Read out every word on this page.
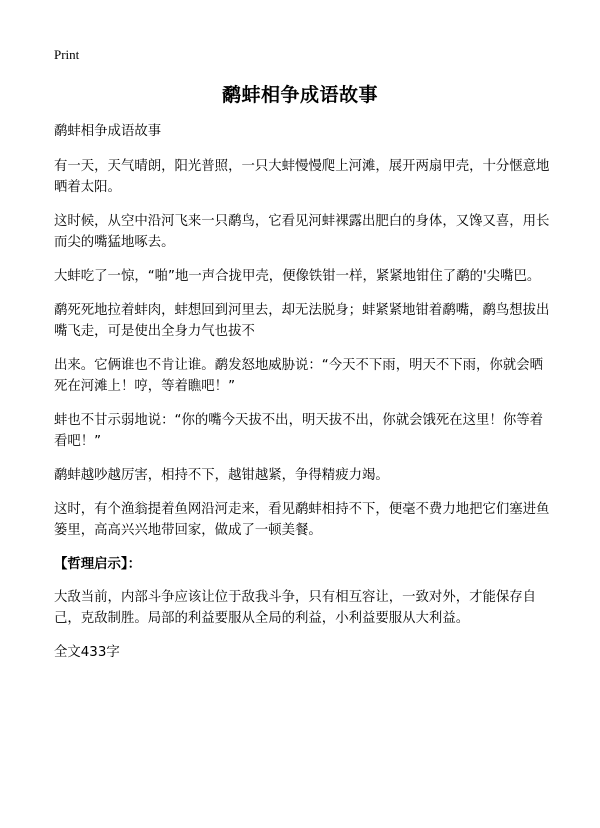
Print
鹬蚌相争成语故事

鹬蚌相争成语故事

有一天，天气晴朗，阳光普照，一只大蚌慢慢爬上河滩，展开两扇甲壳，十分惬意地晒着太阳。

这时候，从空中沿河飞来一只鹬鸟，它看见河蚌裸露出肥白的身体，又馋又喜，用长而尖的嘴猛地啄去。

大蚌吃了一惊，“啪”地一声合拢甲壳，便像铁钳一样，紧紧地钳住了鹬的'尖嘴巴。

鹬死死地拉着蚌肉，蚌想回到河里去，却无法脱身；蚌紧紧地钳着鹬嘴，鹬鸟想拔出嘴飞走，可是使出全身力气也拔不

出来。它俩谁也不肯让谁。鹬发怒地威胁说：“今天不下雨，明天不下雨，你就会晒死在河滩上！哼，等着瞧吧！”

蚌也不甘示弱地说：“你的嘴今天拔不出，明天拔不出，你就会饿死在这里！你等着看吧！”

鹬蚌越吵越厉害，相持不下，越钳越紧，争得精疲力竭。

这时，有个渔翁提着鱼网沿河走来，看见鹬蚌相持不下，便毫不费力地把它们塞进鱼篓里，高高兴兴地带回家，做成了一顿美餐。

【哲理启示】：

大敌当前，内部斗争应该让位于敌我斗争，只有相互容让，一致对外，才能保存自己，克敌制胜。局部的利益要服从全局的利益，小利益要服从大利益。

全文433字
